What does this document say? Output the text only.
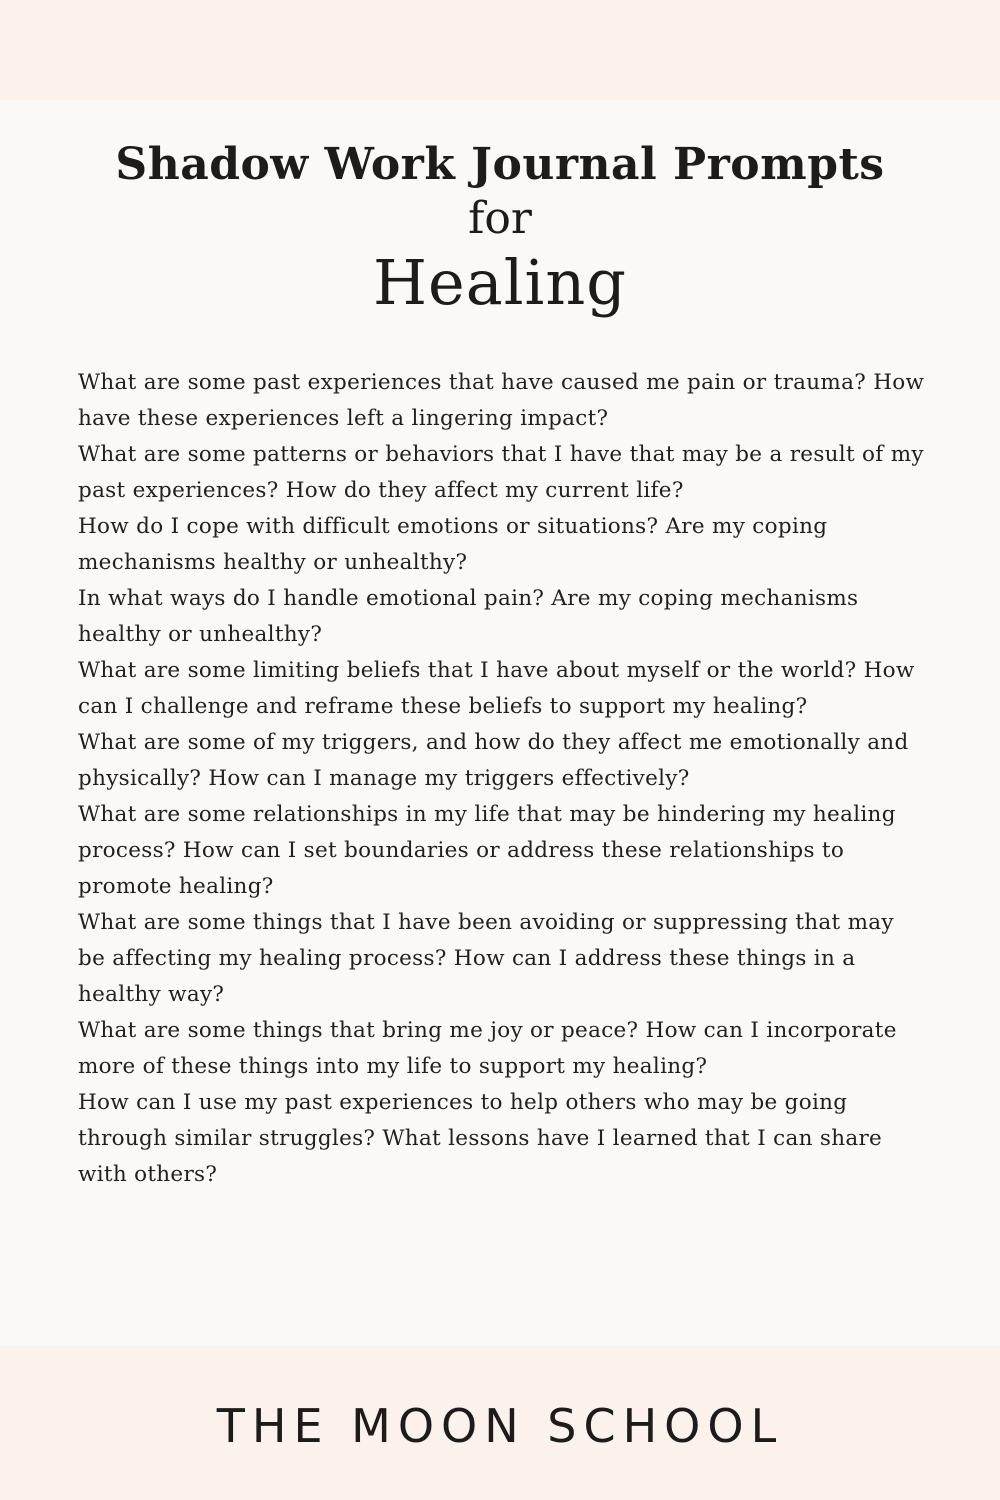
Shadow Work Journal Prompts
for
Healing
What are some past experiences that have caused me pain or trauma? How have these experiences left a lingering impact?
What are some patterns or behaviors that I have that may be a result of my past experiences? How do they affect my current life?
How do I cope with difficult emotions or situations? Are my coping mechanisms healthy or unhealthy?
In what ways do I handle emotional pain? Are my coping mechanisms healthy or unhealthy?
What are some limiting beliefs that I have about myself or the world? How can I challenge and reframe these beliefs to support my healing?
What are some of my triggers, and how do they affect me emotionally and physically? How can I manage my triggers effectively?
What are some relationships in my life that may be hindering my healing process? How can I set boundaries or address these relationships to promote healing?
What are some things that I have been avoiding or suppressing that may be affecting my healing process? How can I address these things in a healthy way?
What are some things that bring me joy or peace? How can I incorporate more of these things into my life to support my healing?
How can I use my past experiences to help others who may be going through similar struggles? What lessons have I learned that I can share with others?
THE MOON SCHOOL
